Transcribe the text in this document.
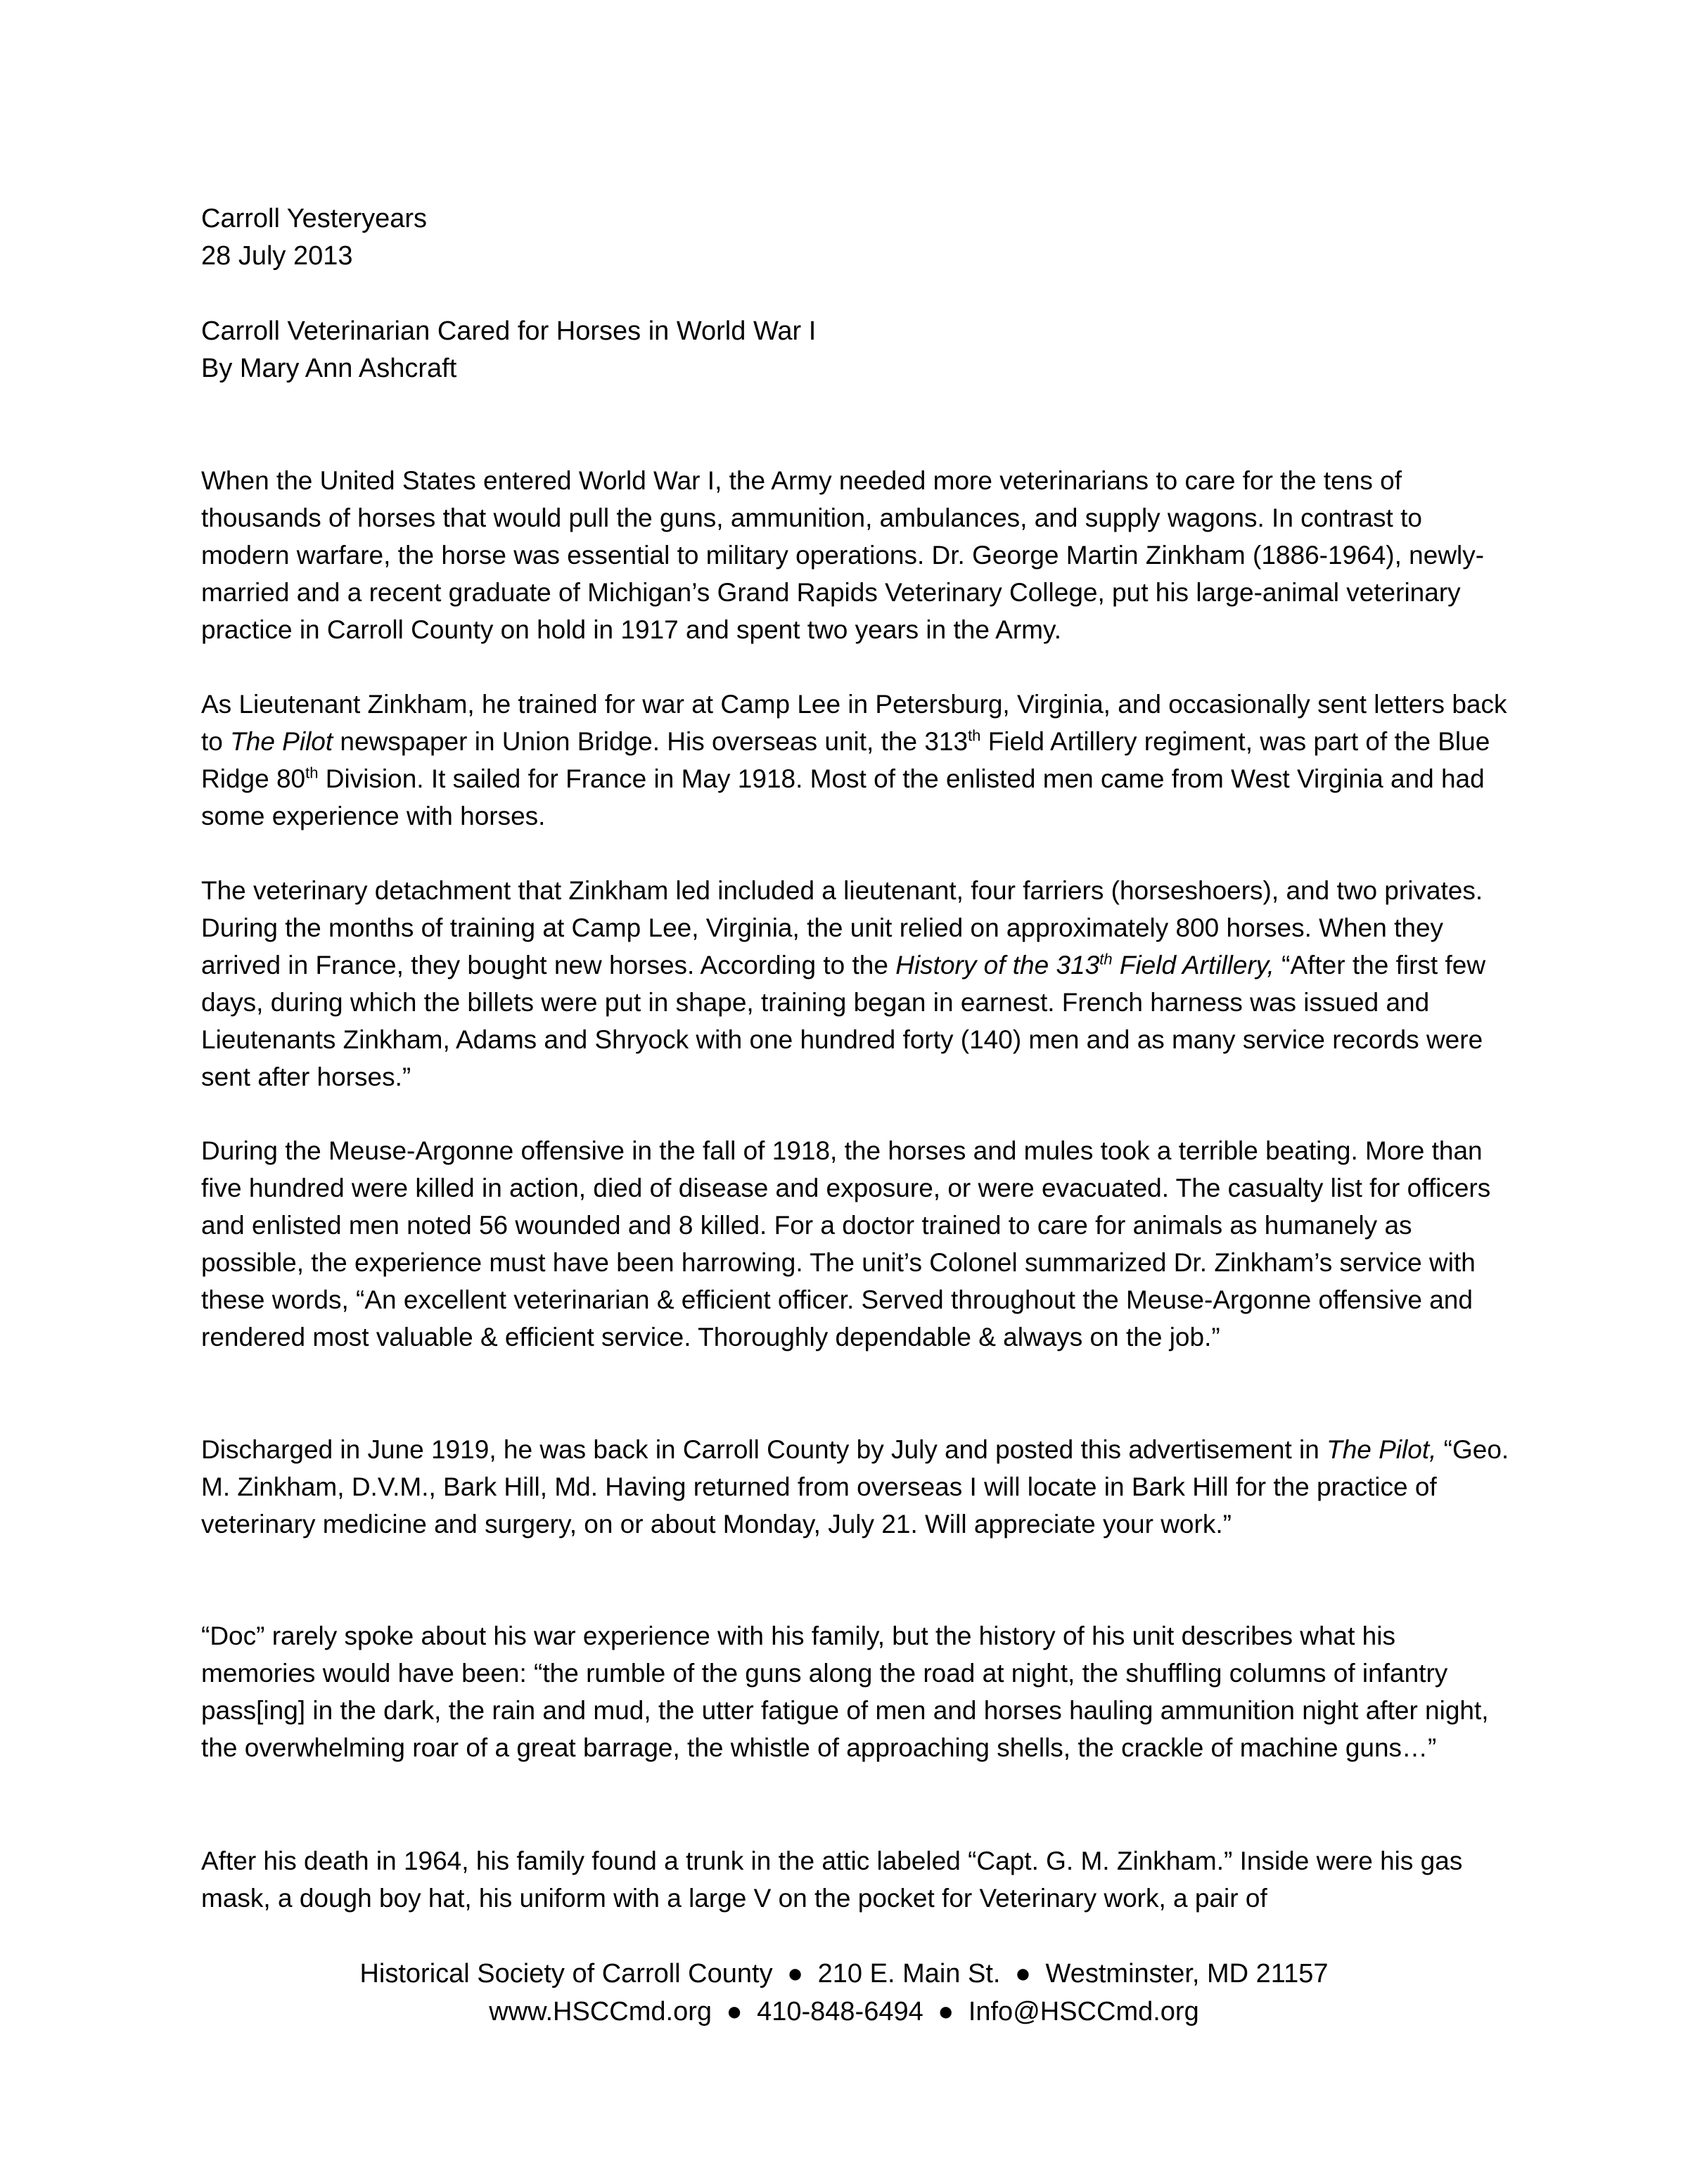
Carroll Yesteryears
28 July 2013
Carroll Veterinarian Cared for Horses in World War I
By Mary Ann Ashcraft

When the United States entered World War I, the Army needed more veterinarians to care for the tens of thousands of horses that would pull the guns, ammunition, ambulances, and supply wagons. In contrast to modern warfare, the horse was essential to military operations. Dr. George Martin Zinkham (1886-1964), newly-married and a recent graduate of Michigan’s Grand Rapids Veterinary College, put his large-animal veterinary practice in Carroll County on hold in 1917 and spent two years in the Army.

As Lieutenant Zinkham, he trained for war at Camp Lee in Petersburg, Virginia, and occasionally sent letters back to The Pilot newspaper in Union Bridge. His overseas unit, the 313th Field Artillery regiment, was part of the Blue Ridge 80th Division. It sailed for France in May 1918. Most of the enlisted men came from West Virginia and had some experience with horses.

The veterinary detachment that Zinkham led included a lieutenant, four farriers (horseshoers), and two privates. During the months of training at Camp Lee, Virginia, the unit relied on approximately 800 horses. When they arrived in France, they bought new horses. According to the History of the 313th Field Artillery, “After the first few days, during which the billets were put in shape, training began in earnest. French harness was issued and Lieutenants Zinkham, Adams and Shryock with one hundred forty (140) men and as many service records were sent after horses.”

During the Meuse-Argonne offensive in the fall of 1918, the horses and mules took a terrible beating. More than five hundred were killed in action, died of disease and exposure, or were evacuated. The casualty list for officers and enlisted men noted 56 wounded and 8 killed. For a doctor trained to care for animals as humanely as possible, the experience must have been harrowing. The unit’s Colonel summarized Dr. Zinkham’s service with these words, “An excellent veterinarian & efficient officer. Served throughout the Meuse-Argonne offensive and rendered most valuable & efficient service. Thoroughly dependable & always on the job.”

Discharged in June 1919, he was back in Carroll County by July and posted this advertisement in The Pilot, “Geo. M. Zinkham, D.V.M., Bark Hill, Md. Having returned from overseas I will locate in Bark Hill for the practice of veterinary medicine and surgery, on or about Monday, July 21. Will appreciate your work.”

“Doc” rarely spoke about his war experience with his family, but the history of his unit describes what his memories would have been: “the rumble of the guns along the road at night, the shuffling columns of infantry pass[ing] in the dark, the rain and mud, the utter fatigue of men and horses hauling ammunition night after night, the overwhelming roar of a great barrage, the whistle of approaching shells, the crackle of machine guns…”

After his death in 1964, his family found a trunk in the attic labeled “Capt. G. M. Zinkham.” Inside were his gas mask, a dough boy hat, his uniform with a large V on the pocket for Veterinary work, a pair of

Historical Society of Carroll County ● 210 E. Main St. ● Westminster, MD 21157
www.HSCCmd.org ● 410-848-6494 ● Info@HSCCmd.org
